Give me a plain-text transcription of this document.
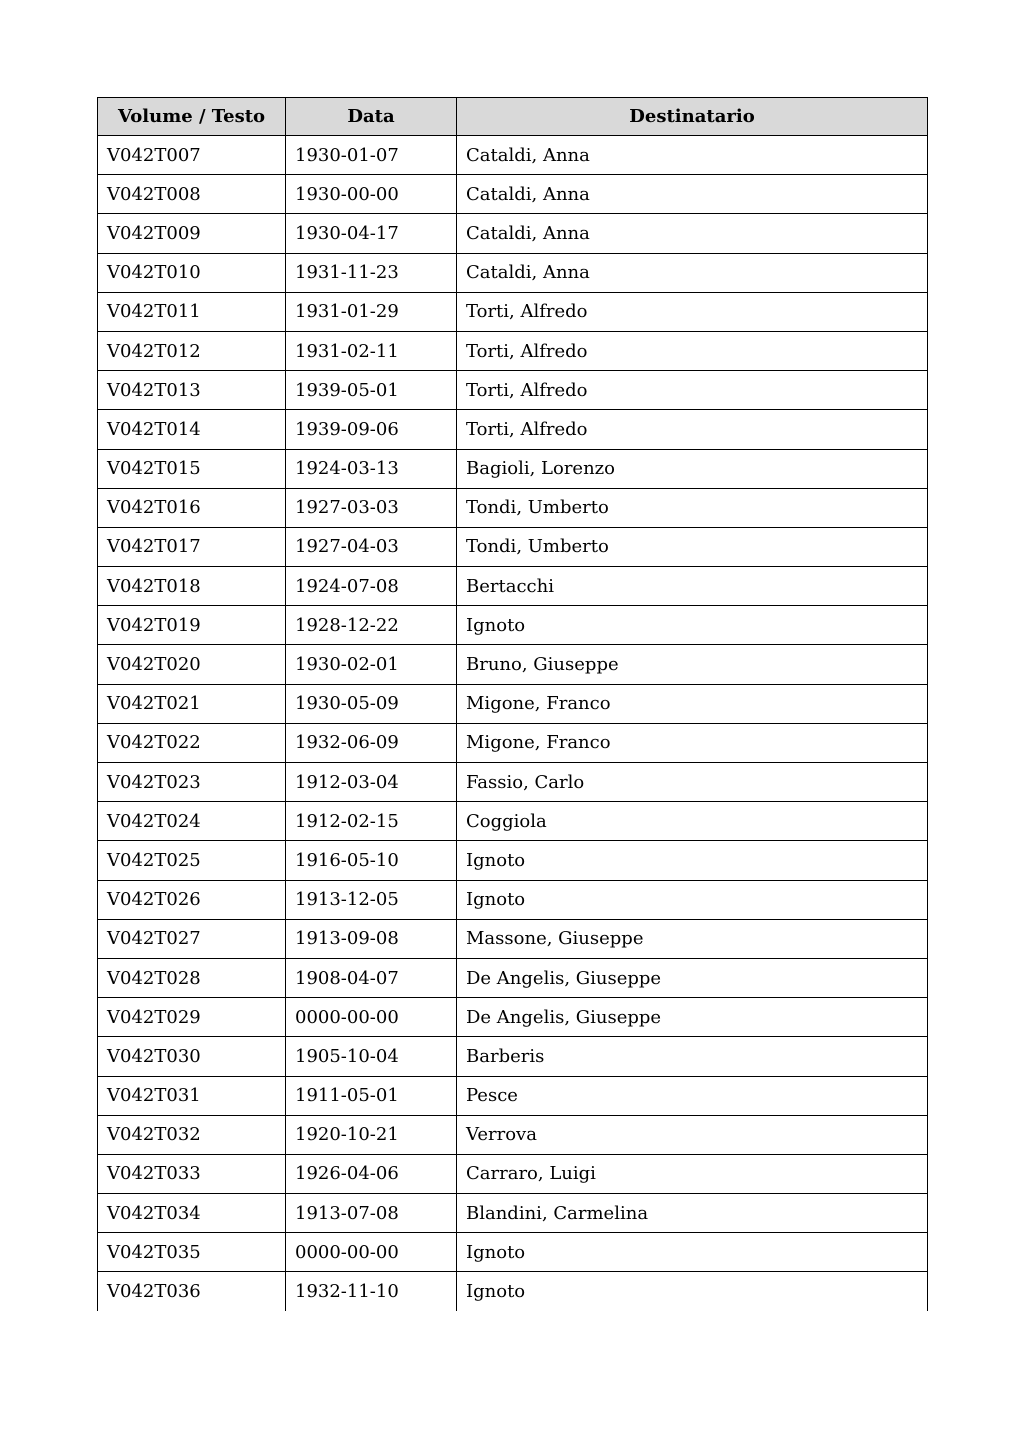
Volume / Testo	Data	Destinatario
V042T007	1930-01-07	Cataldi, Anna
V042T008	1930-00-00	Cataldi, Anna
V042T009	1930-04-17	Cataldi, Anna
V042T010	1931-11-23	Cataldi, Anna
V042T011	1931-01-29	Torti, Alfredo
V042T012	1931-02-11	Torti, Alfredo
V042T013	1939-05-01	Torti, Alfredo
V042T014	1939-09-06	Torti, Alfredo
V042T015	1924-03-13	Bagioli, Lorenzo
V042T016	1927-03-03	Tondi, Umberto
V042T017	1927-04-03	Tondi, Umberto
V042T018	1924-07-08	Bertacchi
V042T019	1928-12-22	Ignoto
V042T020	1930-02-01	Bruno, Giuseppe
V042T021	1930-05-09	Migone, Franco
V042T022	1932-06-09	Migone, Franco
V042T023	1912-03-04	Fassio, Carlo
V042T024	1912-02-15	Coggiola
V042T025	1916-05-10	Ignoto
V042T026	1913-12-05	Ignoto
V042T027	1913-09-08	Massone, Giuseppe
V042T028	1908-04-07	De Angelis, Giuseppe
V042T029	0000-00-00	De Angelis, Giuseppe
V042T030	1905-10-04	Barberis
V042T031	1911-05-01	Pesce
V042T032	1920-10-21	Verrova
V042T033	1926-04-06	Carraro, Luigi
V042T034	1913-07-08	Blandini, Carmelina
V042T035	0000-00-00	Ignoto
V042T036	1932-11-10	Ignoto
